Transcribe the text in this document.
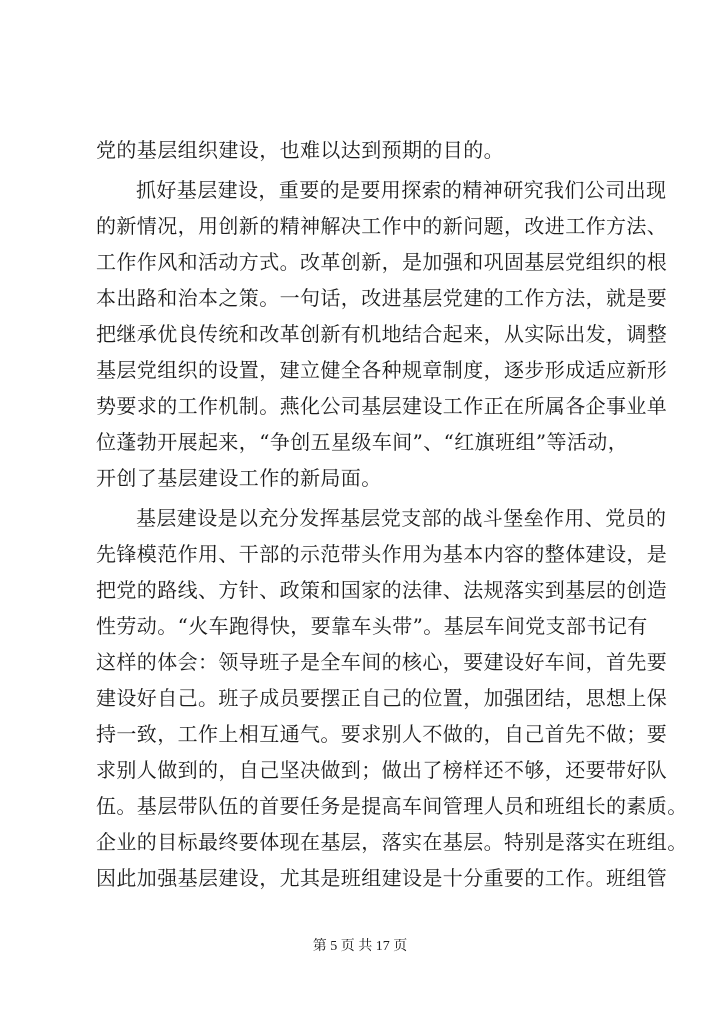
党的基层组织建设，也难以达到预期的目的。
抓好基层建设，重要的是要用探索的精神研究我们公司出现
的新情况，用创新的精神解决工作中的新问题，改进工作方法、
工作作风和活动方式。改革创新，是加强和巩固基层党组织的根
本出路和治本之策。一句话，改进基层党建的工作方法，就是要
把继承优良传统和改革创新有机地结合起来，从实际出发，调整
基层党组织的设置，建立健全各种规章制度，逐步形成适应新形
势要求的工作机制。燕化公司基层建设工作正在所属各企事业单
位蓬勃开展起来，“争创五星级车间”、“红旗班组”等活动，
开创了基层建设工作的新局面。
基层建设是以充分发挥基层党支部的战斗堡垒作用、党员的
先锋模范作用、干部的示范带头作用为基本内容的整体建设，是
把党的路线、方针、政策和国家的法律、法规落实到基层的创造
性劳动。“火车跑得快，要靠车头带”。基层车间党支部书记有
这样的体会：领导班子是全车间的核心，要建设好车间，首先要
建设好自己。班子成员要摆正自己的位置，加强团结，思想上保
持一致，工作上相互通气。要求别人不做的，自己首先不做；要
求别人做到的，自己坚决做到；做出了榜样还不够，还要带好队
伍。基层带队伍的首要任务是提高车间管理人员和班组长的素质。
企业的目标最终要体现在基层，落实在基层。特别是落实在班组。
因此加强基层建设，尤其是班组建设是十分重要的工作。班组管
第 5 页 共 17 页
